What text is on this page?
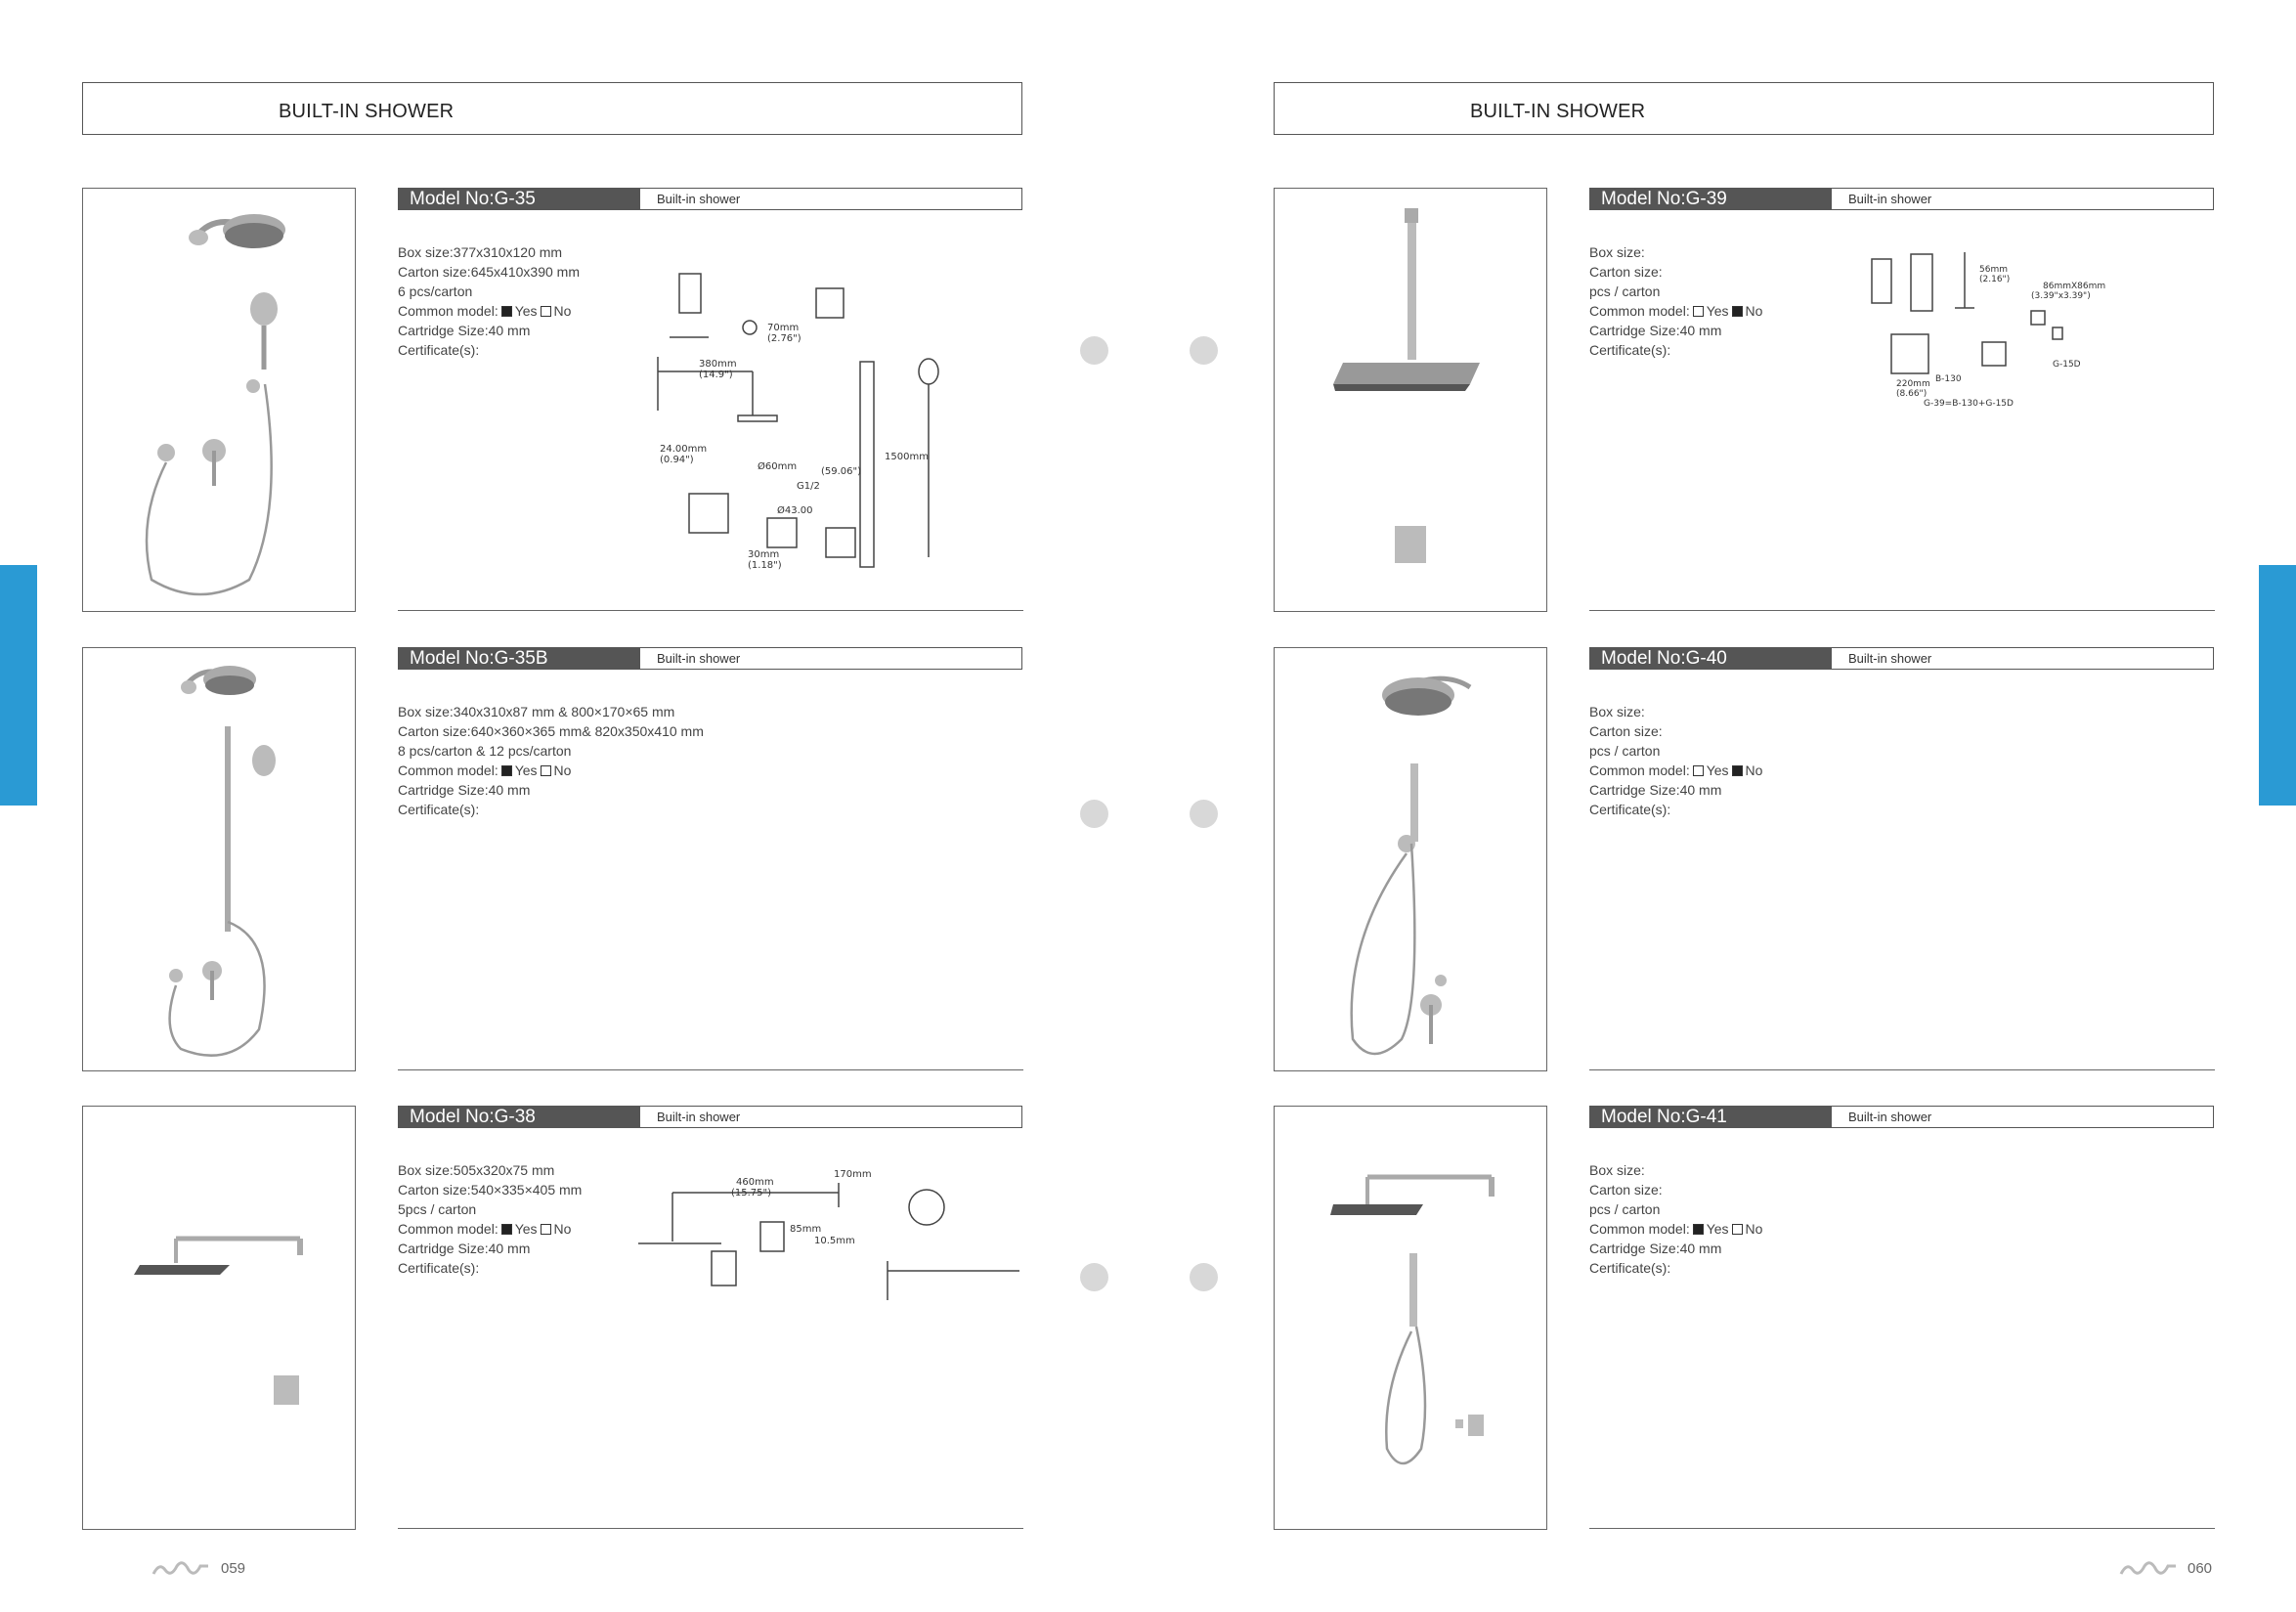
BUILT-IN SHOWER	BUILT-IN SHOWER
Model No:G-35	Built-in shower
Box size:377x310x120 mm
Carton size:645x410x390 mm
6 pcs/carton
Common model: Yes No
Cartridge Size:40 mm
Certificate(s):
380mm
(14.9")
Ø60mm
G1/2
70mm
(2.76")
24.00mm
(0.94")
Ø43.00
30mm
(1.18")
(59.06")
1500mm
Model No:G-35B	Built-in shower
Box size:340x310x87 mm & 800×170×65 mm
Carton size:640×360×365 mm& 820x350x410 mm
8 pcs/carton & 12 pcs/carton
Common model: Yes No
Cartridge Size:40 mm
Certificate(s):
Model No:G-38	Built-in shower
Box size:505x320x75 mm
Carton size:540×335×405 mm
5pcs / carton
Common model: Yes No
Cartridge Size:40 mm
Certificate(s):
460mm
(15.75")
170mm
85mm
10.5mm
Model No:G-39	Built-in shower
Box size:
Carton size:
pcs / carton
Common model: Yes No
Cartridge Size:40 mm
Certificate(s):
56mm
(2.16")
86mmX86mm
(3.39"x3.39")
220mm
(8.66")
B-130
G-15D
G-39=B-130+G-15D
Model No:G-40	Built-in shower
Box size:
Carton size:
pcs / carton
Common model: Yes No
Cartridge Size:40 mm
Certificate(s):
Model No:G-41	Built-in shower
Box size:
Carton size:
pcs / carton
Common model: Yes No
Cartridge Size:40 mm
Certificate(s):
059	060
